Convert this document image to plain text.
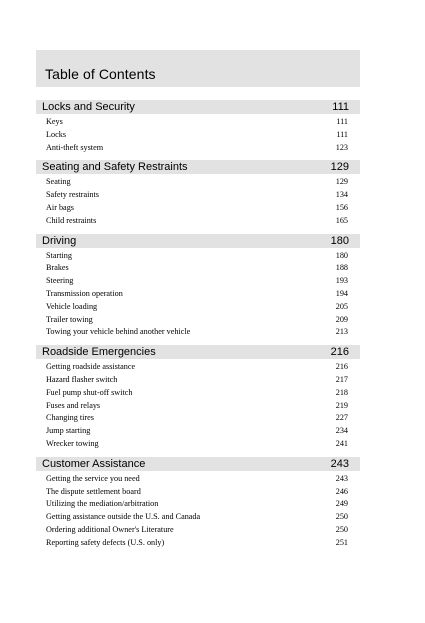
Table of Contents
Locks and Security	111
Keys	111
Locks	111
Anti-theft system	123
Seating and Safety Restraints	129
Seating	129
Safety restraints	134
Air bags	156
Child restraints	165
Driving	180
Starting	180
Brakes	188
Steering	193
Transmission operation	194
Vehicle loading	205
Trailer towing	209
Towing your vehicle behind another vehicle	213
Roadside Emergencies	216
Getting roadside assistance	216
Hazard flasher switch	217
Fuel pump shut-off switch	218
Fuses and relays	219
Changing tires	227
Jump starting	234
Wrecker towing	241
Customer Assistance	243
Getting the service you need	243
The dispute settlement board	246
Utilizing the mediation/arbitration	249
Getting assistance outside the U.S. and Canada	250
Ordering additional Owner's Literature	250
Reporting safety defects (U.S. only)	251
